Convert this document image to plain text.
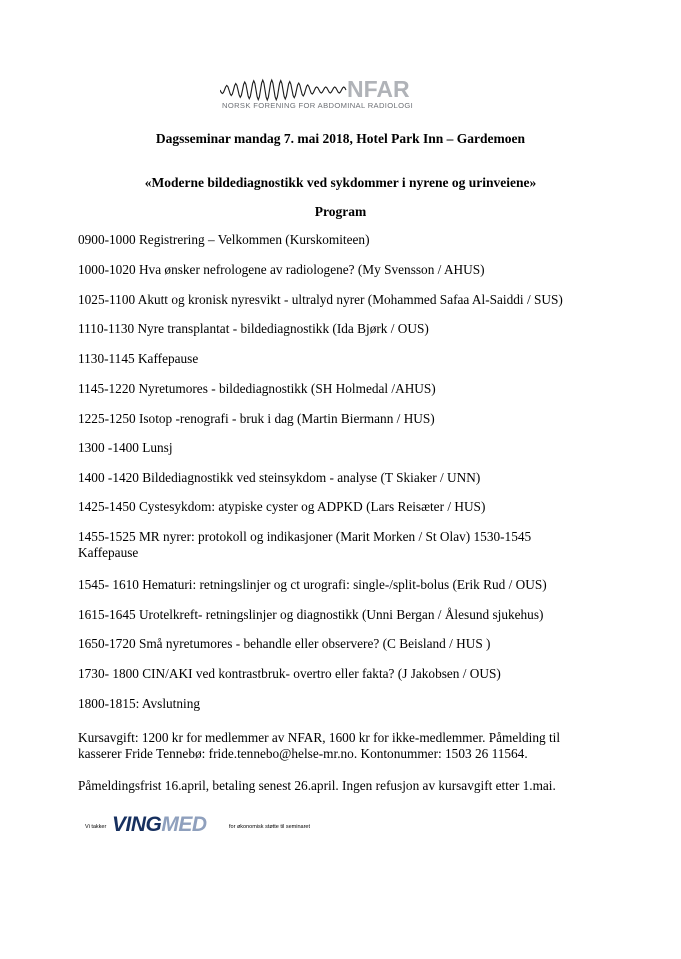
NFAR
NORSK FORENING FOR ABDOMINAL RADIOLOGI
Dagsseminar mandag 7. mai 2018, Hotel Park Inn – Gardemoen
«Moderne bildediagnostikk ved sykdommer i nyrene og urinveiene»
Program
0900-1000 Registrering – Velkommen (Kurskomiteen)
1000-1020 Hva ønsker nefrologene av radiologene? (My Svensson / AHUS)
1025-1100 Akutt og kronisk nyresvikt - ultralyd nyrer (Mohammed Safaa Al-Saiddi / SUS)
1110-1130 Nyre transplantat - bildediagnostikk (Ida Bjørk / OUS)
1130-1145 Kaffepause
1145-1220 Nyretumores - bildediagnostikk (SH Holmedal /AHUS)
1225-1250 Isotop -renografi - bruk i dag (Martin Biermann / HUS)
1300 -1400 Lunsj
1400 -1420 Bildediagnostikk ved steinsykdom - analyse (T Skiaker / UNN)
1425-1450 Cystesykdom: atypiske cyster og ADPKD (Lars Reisæter / HUS)
1455-1525 MR nyrer: protokoll og indikasjoner (Marit Morken / St Olav) 1530-1545 Kaffepause
1545- 1610 Hematuri: retningslinjer og ct urografi: single-/split-bolus (Erik Rud / OUS)
1615-1645 Urotelkreft- retningslinjer og diagnostikk (Unni Bergan / Ålesund sjukehus)
1650-1720 Små nyretumores - behandle eller observere? (C Beisland / HUS )
1730- 1800 CIN/AKI ved kontrastbruk- overtro eller fakta? (J Jakobsen / OUS)
1800-1815: Avslutning
Kursavgift: 1200 kr for medlemmer av NFAR, 1600 kr for ikke-medlemmer. Påmelding til
kasserer Fride Tennebø: fride.tennebo@helse-mr.no. Kontonummer: 1503 26 11564.
Påmeldingsfrist 16.april, betaling senest 26.april. Ingen refusjon av kursavgift etter 1.mai.
Vi takker VINGMED	for økonomisk støtte til seminaret
